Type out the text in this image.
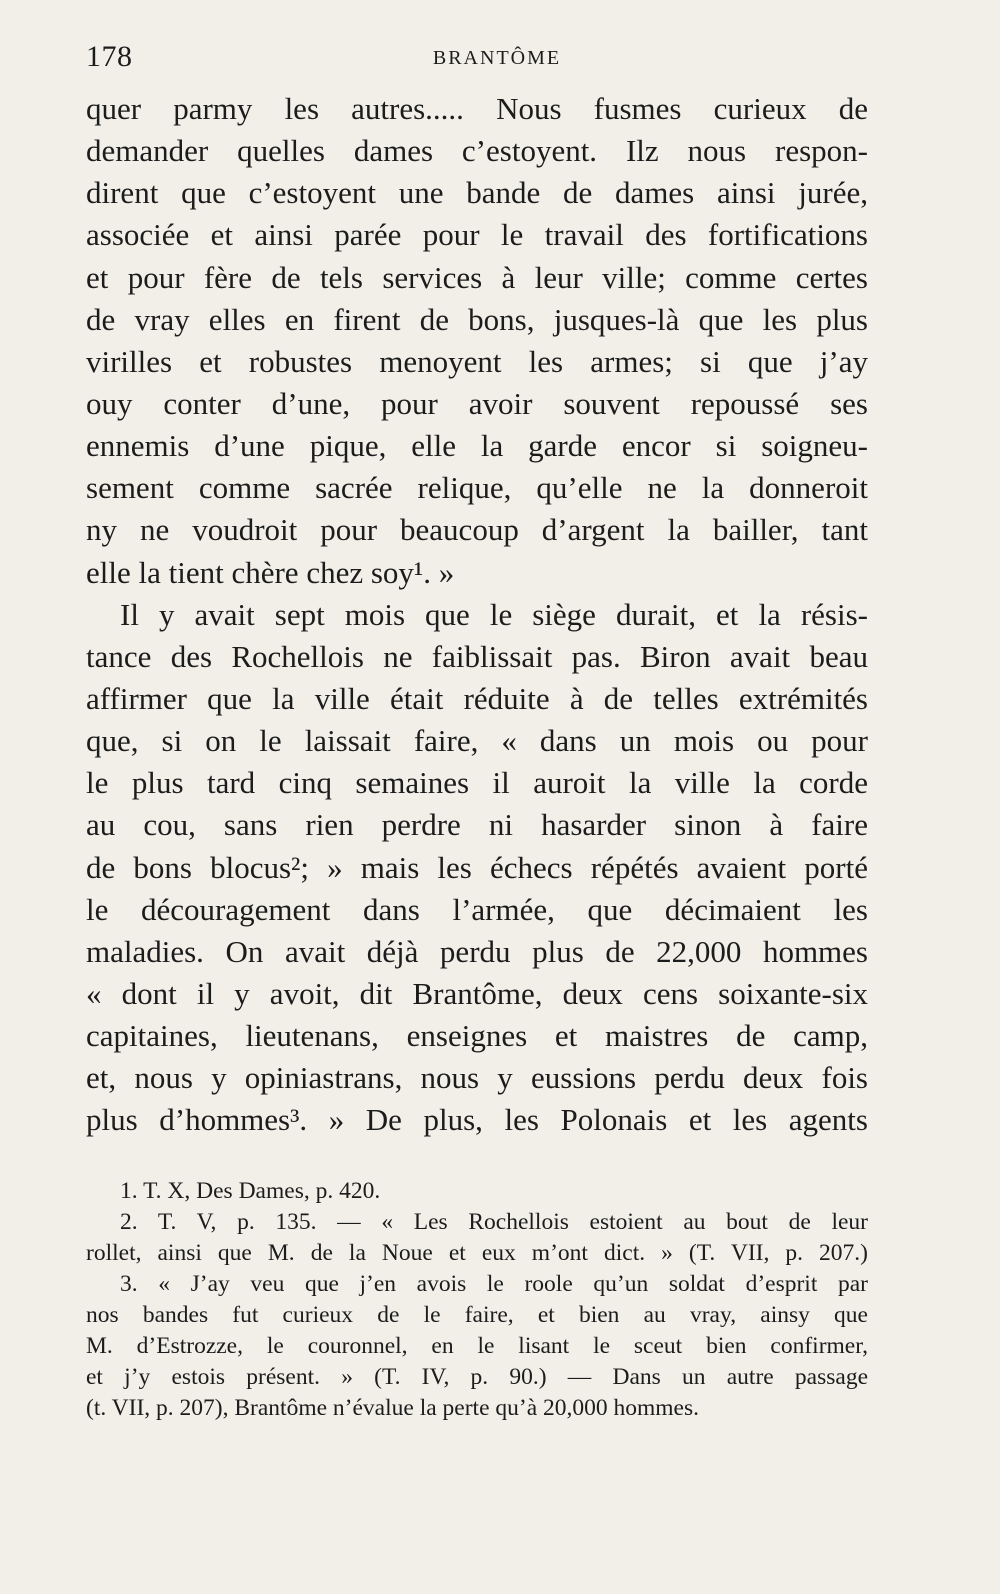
178	BRANTÔME
quer parmy les autres..... Nous fusmes curieux de
demander quelles dames c’estoyent. Ilz nous respon-
dirent que c’estoyent une bande de dames ainsi jurée,
associée et ainsi parée pour le travail des fortifications
et pour fère de tels services à leur ville; comme certes
de vray elles en firent de bons, jusques-là que les plus
virilles et robustes menoyent les armes; si que j’ay
ouy conter d’une, pour avoir souvent repoussé ses
ennemis d’une pique, elle la garde encor si soigneu-
sement comme sacrée relique, qu’elle ne la donneroit
ny ne voudroit pour beaucoup d’argent la bailler, tant
elle la tient chère chez soy¹. »
Il y avait sept mois que le siège durait, et la résis-
tance des Rochellois ne faiblissait pas. Biron avait beau
affirmer que la ville était réduite à de telles extrémités
que, si on le laissait faire, « dans un mois ou pour
le plus tard cinq semaines il auroit la ville la corde
au cou, sans rien perdre ni hasarder sinon à faire
de bons blocus²; » mais les échecs répétés avaient porté
le découragement dans l’armée, que décimaient les
maladies. On avait déjà perdu plus de 22,000 hommes
« dont il y avoit, dit Brantôme, deux cens soixante-six
capitaines, lieutenans, enseignes et maistres de camp,
et, nous y opiniastrans, nous y eussions perdu deux fois
plus d’hommes³. » De plus, les Polonais et les agents
1. T. X, Des Dames, p. 420.
2. T. V, p. 135. — « Les Rochellois estoient au bout de leur
rollet, ainsi que M. de la Noue et eux m’ont dict. » (T. VII, p. 207.)
3. « J’ay veu que j’en avois le roole qu’un soldat d’esprit par
nos bandes fut curieux de le faire, et bien au vray, ainsy que
M. d’Estrozze, le couronnel, en le lisant le sceut bien confirmer,
et j’y estois présent. » (T. IV, p. 90.) — Dans un autre passage
(t. VII, p. 207), Brantôme n’évalue la perte qu’à 20,000 hommes.
